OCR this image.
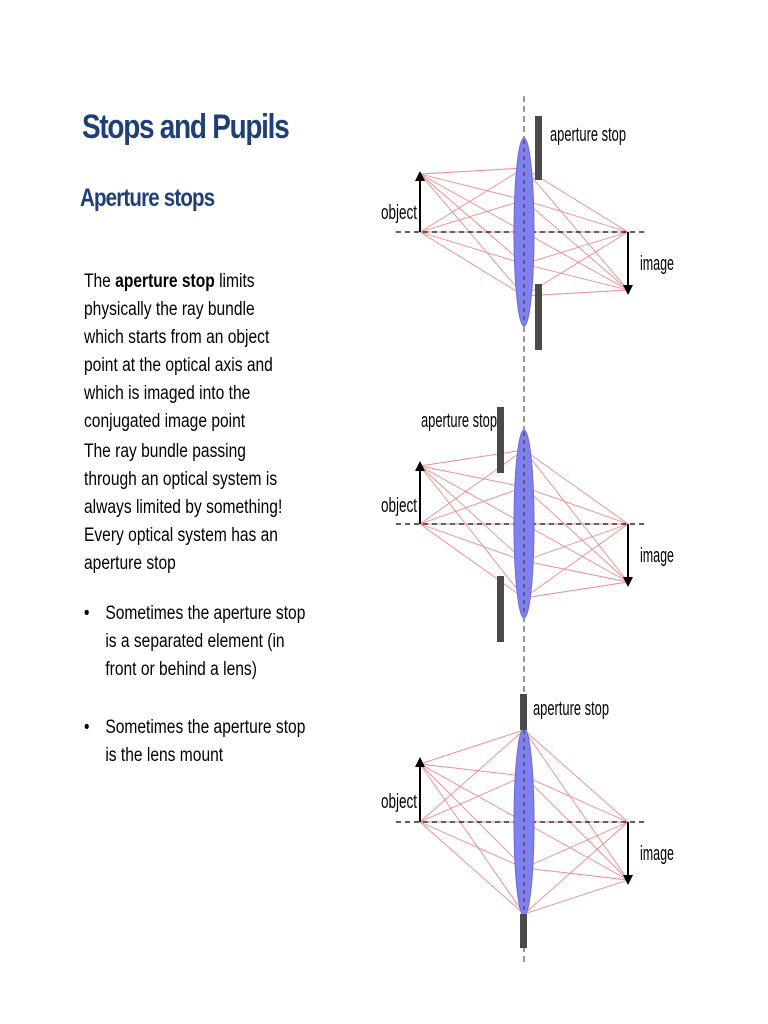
Stops and Pupils
Aperture stops

The aperture stop limits physically the ray bundle which starts from an object point at the optical axis and which is imaged into the conjugated image point

The ray bundle passing through an optical system is always limited by something! Every optical system has an aperture stop

• Sometimes the aperture stop is a separated element (in front or behind a lens)
• Sometimes the aperture stop is the lens mount
aperture stop
object
image
aperture stop
object
image
aperture stop
object
image
